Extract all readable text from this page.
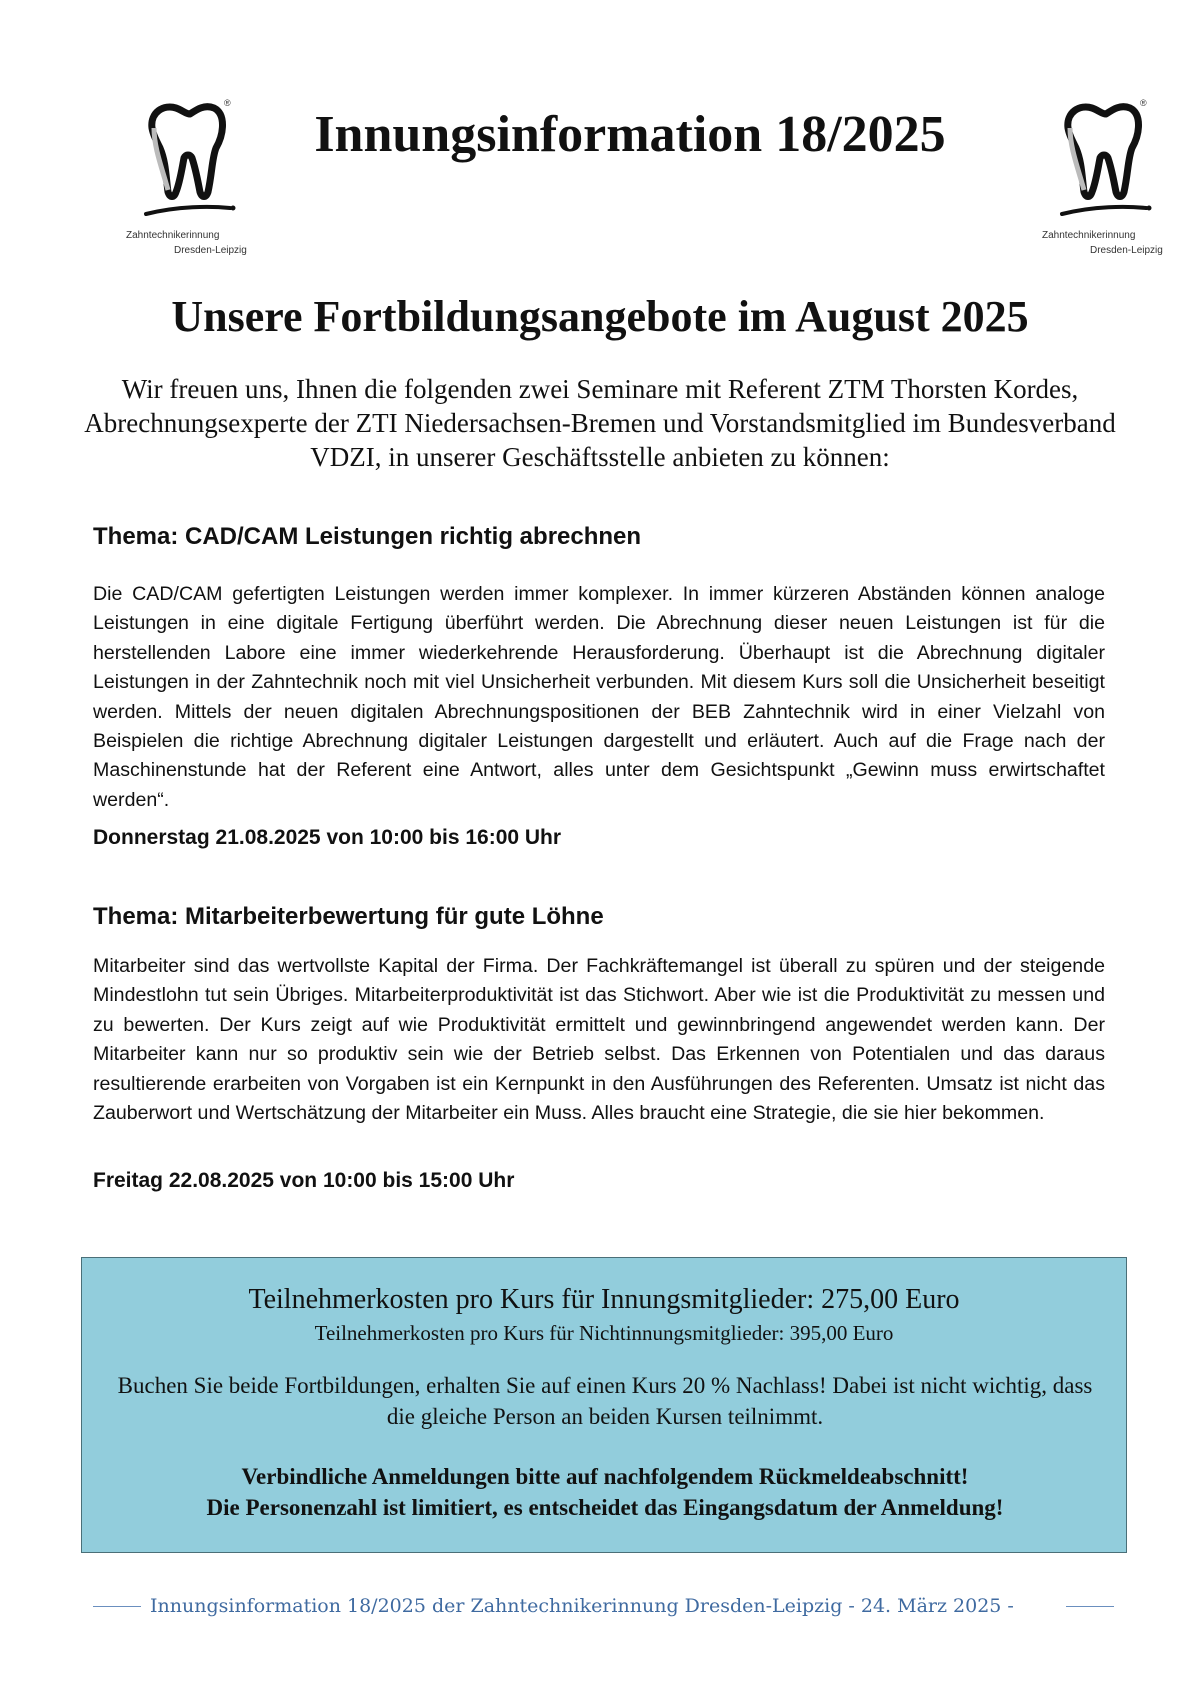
®
Zahntechnikerinnung
Dresden-Leipzig
®
Zahntechnikerinnung
Dresden-Leipzig
Innungsinformation 18/2025
Unsere Fortbildungsangebote im August 2025
Wir freuen uns, Ihnen die folgenden zwei Seminare mit Referent ZTM Thorsten Kordes, Abrechnungsexperte der ZTI Niedersachsen-Bremen und Vorstandsmitglied im Bundesverband VDZI, in unserer Geschäftsstelle anbieten zu können:
Thema: CAD/CAM Leistungen richtig abrechnen
Die CAD/CAM gefertigten Leistungen werden immer komplexer. In immer kürzeren Abständen können analoge Leistungen in eine digitale Fertigung überführt werden. Die Abrechnung dieser neuen Leistungen ist für die herstellenden Labore eine immer wiederkehrende Herausforderung. Überhaupt ist die Abrechnung digitaler Leistungen in der Zahntechnik noch mit viel Unsicherheit verbunden. Mit diesem Kurs soll die Unsicherheit beseitigt werden. Mittels der neuen digitalen Abrechnungspositionen der BEB Zahntechnik wird in einer Vielzahl von Beispielen die richtige Abrechnung digitaler Leistungen dargestellt und erläutert. Auch auf die Frage nach der Maschinenstunde hat der Referent eine Antwort, alles unter dem Gesichtspunkt „Gewinn muss erwirtschaftet werden“.
Donnerstag 21.08.2025 von 10:00 bis 16:00 Uhr
Thema: Mitarbeiterbewertung für gute Löhne
Mitarbeiter sind das wertvollste Kapital der Firma. Der Fachkräftemangel ist überall zu spüren und der steigende Mindestlohn tut sein Übriges. Mitarbeiterproduktivität ist das Stichwort. Aber wie ist die Produktivität zu messen und zu bewerten. Der Kurs zeigt auf wie Produktivität ermittelt und gewinnbringend angewendet werden kann. Der Mitarbeiter kann nur so produktiv sein wie der Betrieb selbst. Das Erkennen von Potentialen und das daraus resultierende erarbeiten von Vorgaben ist ein Kernpunkt in den Ausführungen des Referenten. Umsatz ist nicht das Zauberwort und Wertschätzung der Mitarbeiter ein Muss. Alles braucht eine Strategie, die sie hier bekommen.
Freitag 22.08.2025 von 10:00 bis 15:00 Uhr
Teilnehmerkosten pro Kurs für Innungsmitglieder: 275,00 Euro
Teilnehmerkosten pro Kurs für Nichtinnungsmitglieder: 395,00 Euro
Buchen Sie beide Fortbildungen, erhalten Sie auf einen Kurs 20 % Nachlass! Dabei ist nicht wichtig, dass die gleiche Person an beiden Kursen teilnimmt.
Verbindliche Anmeldungen bitte auf nachfolgendem Rückmeldeabschnitt!
Die Personenzahl ist limitiert, es entscheidet das Eingangsdatum der Anmeldung!
Innungsinformation 18/2025 der Zahntechnikerinnung Dresden-Leipzig - 24. März 2025 -
